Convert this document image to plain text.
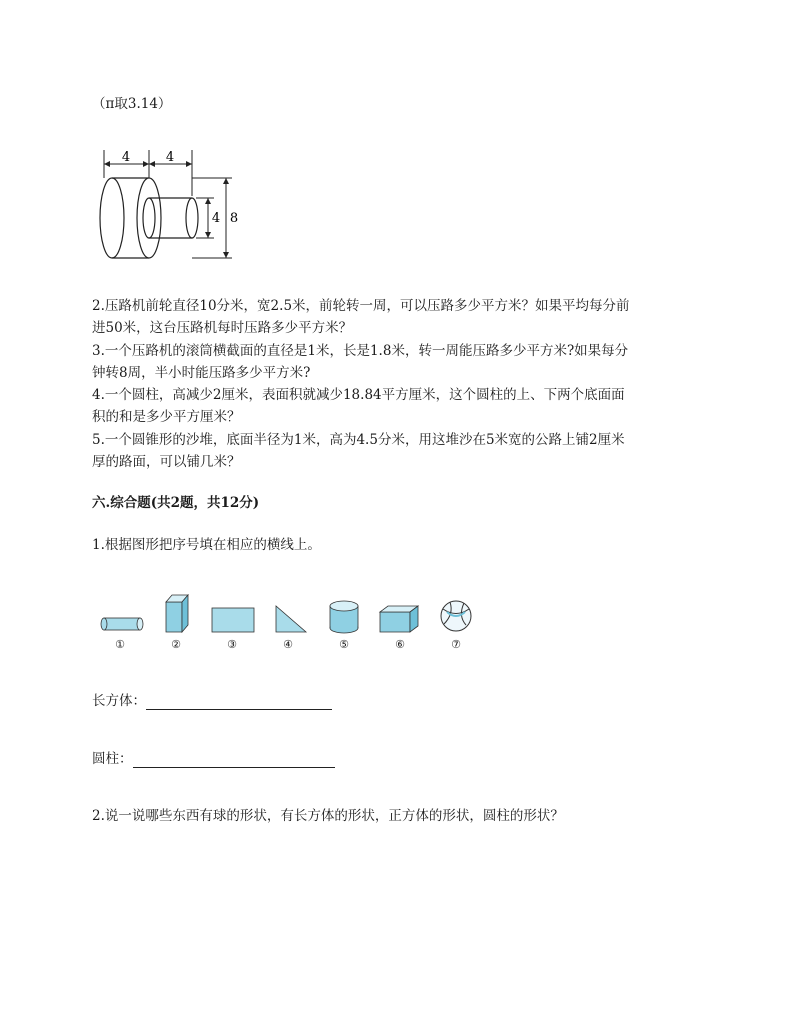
（π取3.14）
4	4
4 8
2.压路机前轮直径10分米，宽2.5米，前轮转一周，可以压路多少平方米？如果平均每分前
进50米，这台压路机每时压路多少平方米？
3.一个压路机的滚筒横截面的直径是1米，长是1.8米，转一周能压路多少平方米?如果每分
钟转8周，半小时能压路多少平方米?
4.一个圆柱，高减少2厘米，表面积就减少18.84平方厘米，这个圆柱的上、下两个底面面
积的和是多少平方厘米？
5.一个圆锥形的沙堆，底面半径为1米，高为4.5分米，用这堆沙在5米宽的公路上铺2厘米
厚的路面，可以铺几米？
六.综合题(共2题，共12分)
1.根据图形把序号填在相应的横线上。
①	②	③	④	⑤	⑥	⑦
长方体：
圆柱：
2.说一说哪些东西有球的形状，有长方体的形状，正方体的形状，圆柱的形状？
